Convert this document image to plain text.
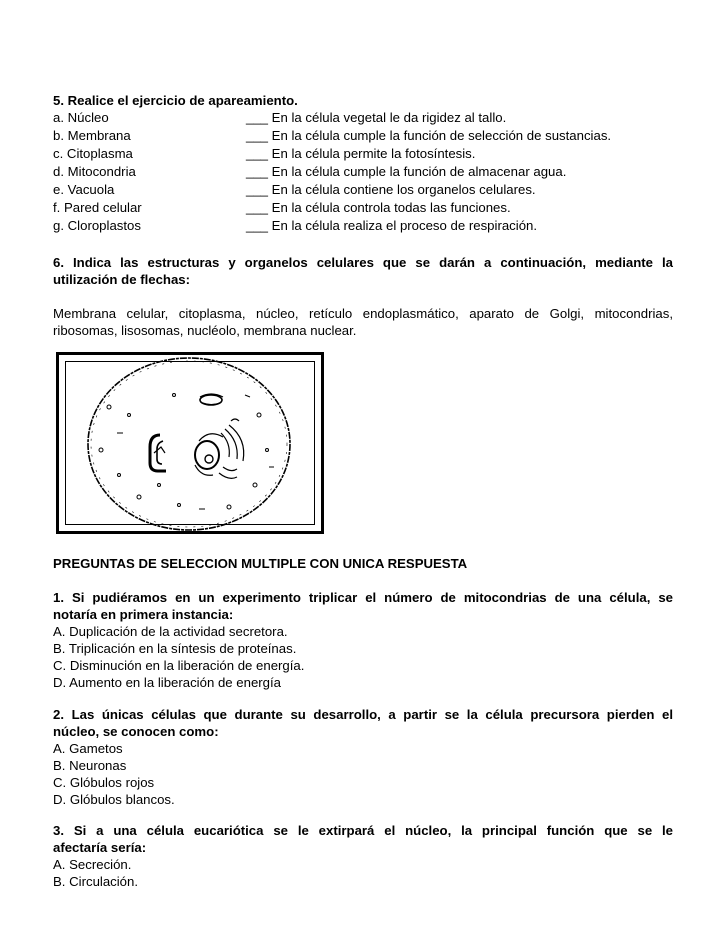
5. Realice el ejercicio de apareamiento.
a. Núcleo	___ En la célula vegetal le da rigidez al tallo.
b. Membrana	___ En la célula cumple la función de selección de sustancias.
c. Citoplasma	___ En la célula permite la fotosíntesis.
d. Mitocondria	___ En la célula cumple la función de almacenar agua.
e. Vacuola	___ En la célula contiene los organelos celulares.
f. Pared celular	___ En la célula controla todas las funciones.
g. Cloroplastos	___ En la célula realiza el proceso de respiración.
6. Indica las estructuras y organelos celulares que se darán a continuación, mediante la
utilización de flechas:
Membrana celular, citoplasma, núcleo, retículo endoplasmático, aparato de Golgi, mitocondrias,
ribosomas, lisosomas, nucléolo, membrana nuclear.
PREGUNTAS DE SELECCION MULTIPLE CON UNICA RESPUESTA
1. Si pudiéramos en un experimento triplicar el número de mitocondrias de una célula, se
notaría en primera instancia:
A. Duplicación de la actividad secretora.
B. Triplicación en la síntesis de proteínas.
C. Disminución en la liberación de energía.
D. Aumento en la liberación de energía
2. Las únicas células que durante su desarrollo, a partir se la célula precursora pierden el
núcleo, se conocen como:
A. Gametos
B. Neuronas
C. Glóbulos rojos
D. Glóbulos blancos.
3. Si a una célula eucariótica se le extirpará el núcleo, la principal función que se le
afectaría sería:
A. Secreción.
B. Circulación.
